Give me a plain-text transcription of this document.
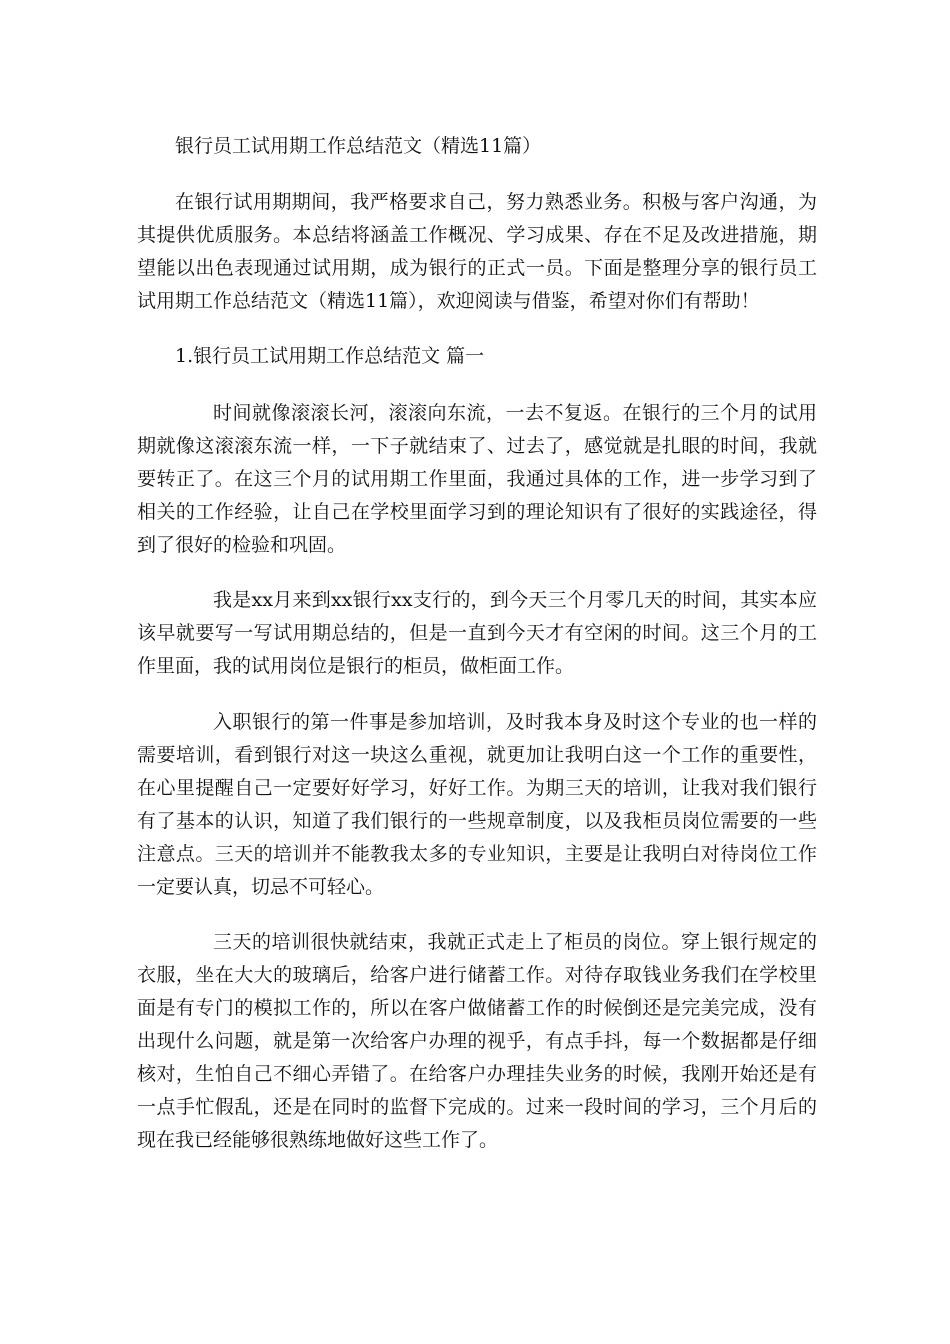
银行员工试用期工作总结范文（精选11篇）

在银行试用期期间，我严格要求自己，努力熟悉业务。积极与客户沟通，为其提供优质服务。本总结将涵盖工作概况、学习成果、存在不足及改进措施，期望能以出色表现通过试用期，成为银行的正式一员。下面是整理分享的银行员工试用期工作总结范文（精选11篇），欢迎阅读与借鉴，希望对你们有帮助！

1.银行员工试用期工作总结范文 篇一

时间就像滚滚长河，滚滚向东流，一去不复返。在银行的三个月的试用期就像这滚滚东流一样，一下子就结束了、过去了，感觉就是扎眼的时间，我就要转正了。在这三个月的试用期工作里面，我通过具体的工作，进一步学习到了相关的工作经验，让自己在学校里面学习到的理论知识有了很好的实践途径，得到了很好的检验和巩固。

我是xx月来到xx银行xx支行的，到今天三个月零几天的时间，其实本应该早就要写一写试用期总结的，但是一直到今天才有空闲的时间。这三个月的工作里面，我的试用岗位是银行的柜员，做柜面工作。

入职银行的第一件事是参加培训，及时我本身及时这个专业的也一样的需要培训，看到银行对这一块这么重视，就更加让我明白这一个工作的重要性，在心里提醒自己一定要好好学习，好好工作。为期三天的培训，让我对我们银行有了基本的认识，知道了我们银行的一些规章制度，以及我柜员岗位需要的一些注意点。三天的培训并不能教我太多的专业知识，主要是让我明白对待岗位工作一定要认真，切忌不可轻心。

三天的培训很快就结束，我就正式走上了柜员的岗位。穿上银行规定的衣服，坐在大大的玻璃后，给客户进行储蓄工作。对待存取钱业务我们在学校里面是有专门的模拟工作的，所以在客户做储蓄工作的时候倒还是完美完成，没有出现什么问题，就是第一次给客户办理的视乎，有点手抖，每一个数据都是仔细核对，生怕自己不细心弄错了。在给客户办理挂失业务的时候，我刚开始还是有一点手忙假乱，还是在同时的监督下完成的。过来一段时间的学习，三个月后的现在我已经能够很熟练地做好这些工作了。
